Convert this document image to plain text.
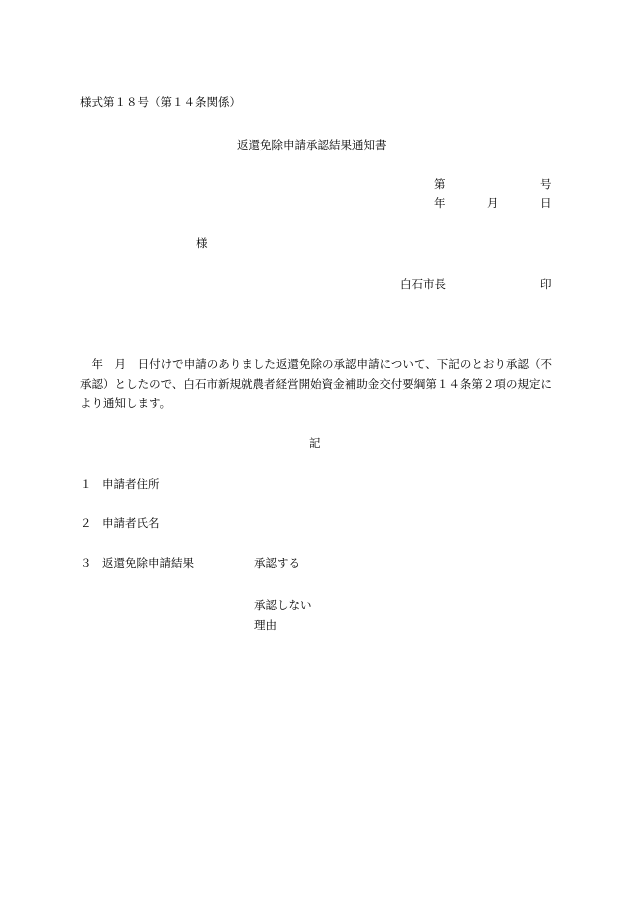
様式第１８号（第１４条関係）
返還免除申請承認結果通知書
第	号
年	月	日
様
白石市長	印
年　月　日付けで申請のありました返還免除の承認申請について、下記のとおり承認（不承認）としたので、白石市新規就農者経営開始資金補助金交付要綱第１４条第２項の規定により通知します。
記
１ 申請者住所
２ 申請者氏名
３ 返還免除申請結果	承認する
承認しない
理由
